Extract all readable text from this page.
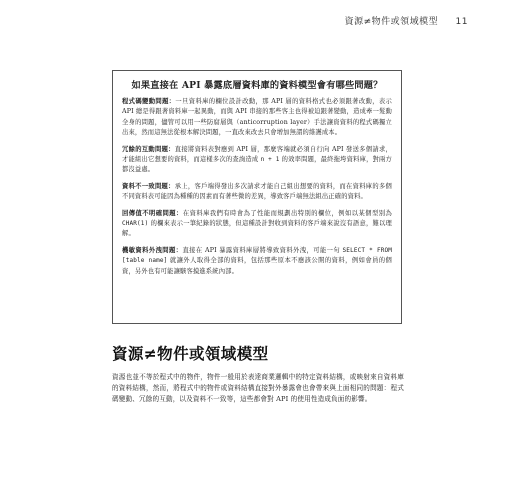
資源≠物件或領域模型 11
如果直接在 API 暴露底層資料庫的資料模型會有哪些問題？

程式碼變動問題：一旦資料庫的欄位設計改動，那 API 層的資料格式也必須跟著改動，表示 API 總是得跟著資料庫一起異動，而與 API 串接的那些客主也得被迫跟著變動，造成牽一髮動全身的問題，儘管可以用一些防腐層與（anticorruption layer）手法讓資資料的程式碼獨立出來，然而這無法從根本解決問題，一直改來改去只會增加無謂的維護成本。

冗餘的互動問題：直接將資料表對應到 API 層，那麼客端就必須自行向 API 發送多個請求，才能組出它想要的資料，而這樣多次的查詢造成 n + 1 的效率問題，最終拖垮資料庫，對兩方都沒益處。

資料不一致問題：承上，客戶端得發出多次請求才能自己組出想要的資料，而在資料庫的多個不同資料表可能因為種種的因素而有著些微的差異，導致客戶端無法組出正確的資料。

回傳值不明確問題：在資料庫我們有時會為了性能而規劃出特別的欄位，例如以某個型別為 CHAR(1) 的欄來表示一筆紀錄的狀態，但這種設計對收到資料的客戶端來說沒有語意，難以理解。

機敏資料外洩問題：直接在 API 暴露資料庫層將導致資料外洩，可能一句 SELECT * FROM [table name] 就讓外人取得全部的資料，包括那些原本不應該公開的資料，例如會員的個資，另外也有可能讓駭客摸進系統內部。

資源≠物件或領域模型
資源也並不等於程式中的物件，物件一般用於表達商業邏輯中的特定資料結構，或映射來自資料庫的資料結構，然而，將程式中的物件或資料結構直接對外暴露會也會帶來與上面相同的問題：程式碼變動、冗餘的互動，以及資料不一致等，這些都會對 API 的使用性造成負面的影響。
